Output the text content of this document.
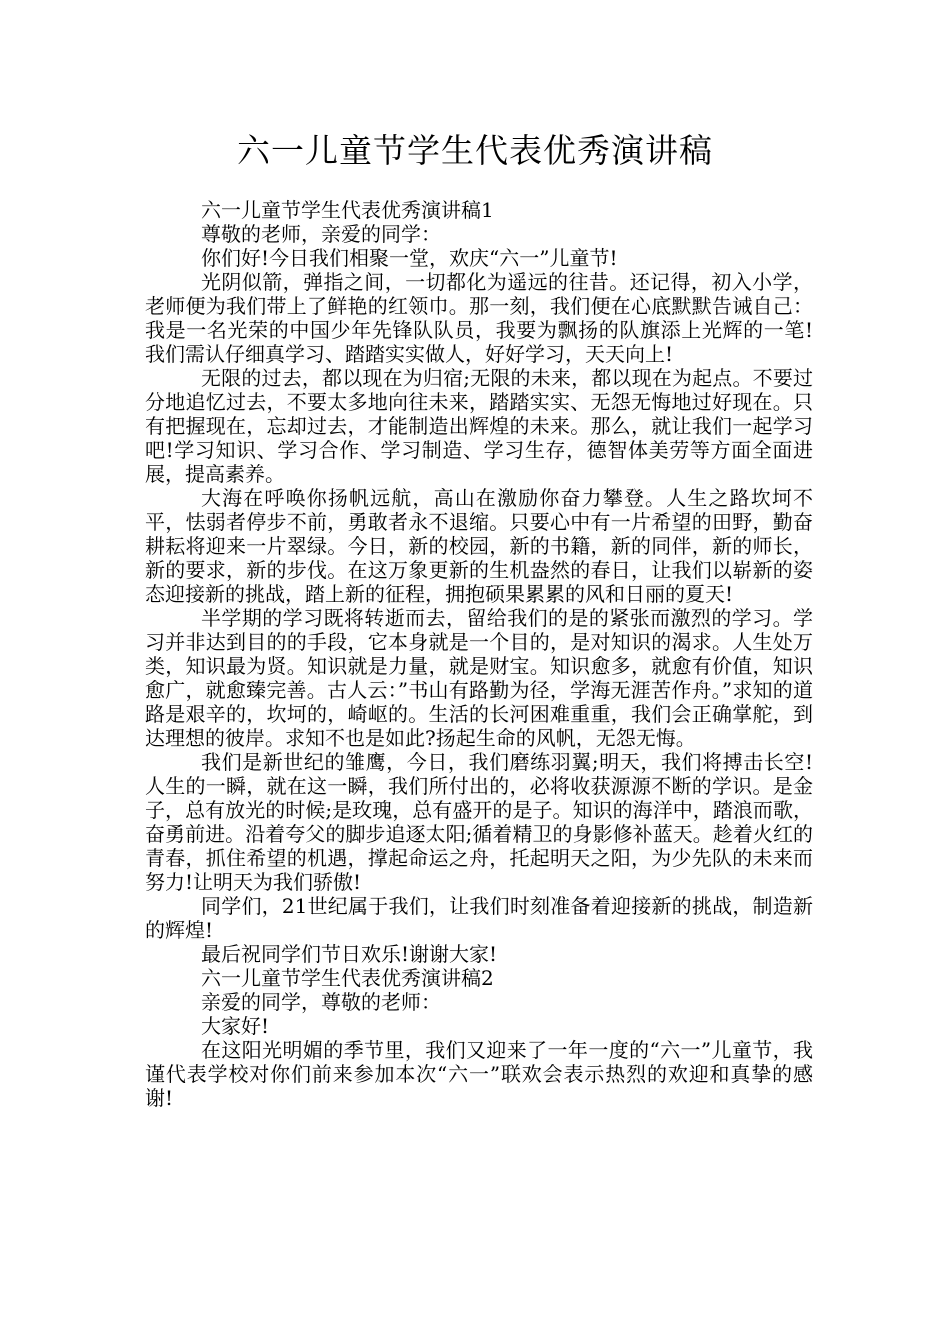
六一儿童节学生代表优秀演讲稿

六一儿童节学生代表优秀演讲稿1

尊敬的老师，亲爱的同学：

你们好!今日我们相聚一堂，欢庆“六一”儿童节!

光阴似箭，弹指之间，一切都化为遥远的往昔。还记得，初入小学，老师便为我们带上了鲜艳的红领巾。那一刻，我们便在心底默默告诫自己：我是一名光荣的中国少年先锋队队员，我要为飘扬的队旗添上光辉的一笔!我们需认仔细真学习、踏踏实实做人，好好学习，天天向上!

无限的过去，都以现在为归宿;无限的未来，都以现在为起点。不要过分地追忆过去，不要太多地向往未来，踏踏实实、无怨无悔地过好现在。只有把握现在，忘却过去，才能制造出辉煌的未来。那么，就让我们一起学习吧!学习知识、学习合作、学习制造、学习生存，德智体美劳等方面全面进展，提高素养。

大海在呼唤你扬帆远航，高山在激励你奋力攀登。人生之路坎坷不平，怯弱者停步不前，勇敢者永不退缩。只要心中有一片希望的田野，勤奋耕耘将迎来一片翠绿。今日，新的校园，新的书籍，新的同伴，新的师长，新的要求，新的步伐。在这万象更新的生机盎然的春日，让我们以崭新的姿态迎接新的挑战，踏上新的征程，拥抱硕果累累的风和日丽的夏天!

半学期的学习既将转逝而去，留给我们的是的紧张而激烈的学习。学习并非达到目的的手段，它本身就是一个目的，是对知识的渴求。人生处万类，知识最为贤。知识就是力量，就是财宝。知识愈多，就愈有价值，知识愈广，就愈臻完善。古人云：”书山有路勤为径，学海无涯苦作舟。”求知的道路是艰辛的，坎坷的，崎岖的。生活的长河困难重重，我们会正确掌舵，到达理想的彼岸。求知不也是如此?扬起生命的风帆，无怨无悔。

我们是新世纪的雏鹰，今日，我们磨练羽翼;明天，我们将搏击长空!人生的一瞬，就在这一瞬，我们所付出的，必将收获源源不断的学识。是金子，总有放光的时候;是玫瑰，总有盛开的是子。知识的海洋中，踏浪而歌，奋勇前进。沿着夸父的脚步追逐太阳;循着精卫的身影修补蓝天。趁着火红的青春，抓住希望的机遇，撑起命运之舟，托起明天之阳，为少先队的未来而努力!让明天为我们骄傲!

同学们，21世纪属于我们，让我们时刻准备着迎接新的挑战，制造新的辉煌!

最后祝同学们节日欢乐!谢谢大家!

六一儿童节学生代表优秀演讲稿2

亲爱的同学，尊敬的老师：

大家好!

在这阳光明媚的季节里，我们又迎来了一年一度的“六一”儿童节，我谨代表学校对你们前来参加本次“六一”联欢会表示热烈的欢迎和真挚的感谢!
